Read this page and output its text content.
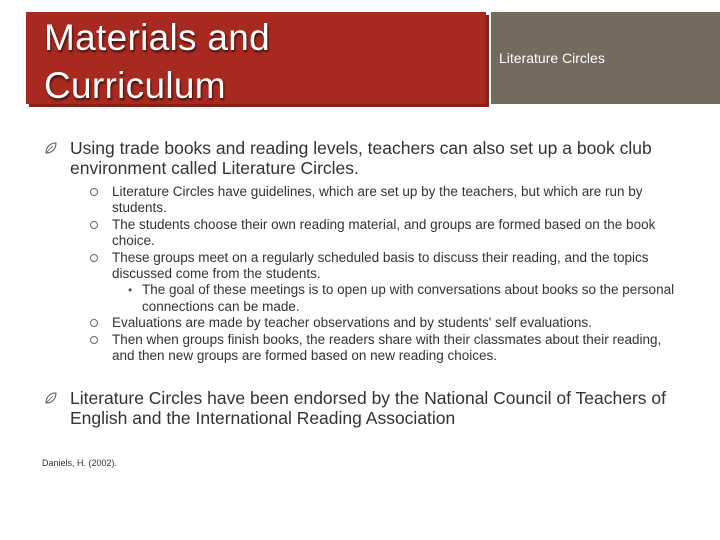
Materials and
Curriculum
Literature Circles
Using trade books and reading levels, teachers can also set up a book club environment called Literature Circles.
Literature Circles have guidelines, which are set up by the teachers, but which are run by students.
The students choose their own reading material, and groups are formed based on the book choice.
These groups meet on a regularly scheduled basis to discuss their reading, and the topics discussed come from the students.
• The goal of these meetings is to open up with conversations about books so the personal connections can be made.
Evaluations are made by teacher observations and by students' self evaluations.
Then when groups finish books, the readers share with their classmates about their reading, and then new groups are formed based on new reading choices.
Literature Circles have been endorsed by the National Council of Teachers of English and the International Reading Association
Daniels, H. (2002).
